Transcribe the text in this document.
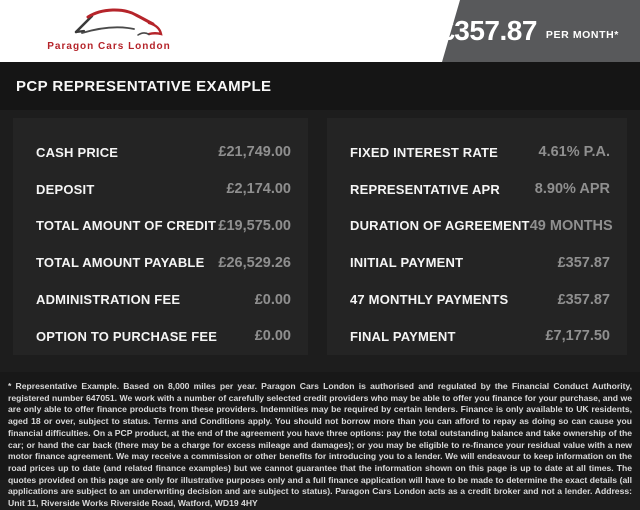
Paragon Cars London
£357.87 PER MONTH*
PCP REPRESENTATIVE EXAMPLE
CASH PRICE	£21,749.00
DEPOSIT	£2,174.00
TOTAL AMOUNT OF CREDIT £19,575.00
TOTAL AMOUNT PAYABLE £26,529.26
ADMINISTRATION FEE	£0.00
OPTION TO PURCHASE FEE	£0.00
FIXED INTEREST RATE	4.61% P.A.
REPRESENTATIVE APR 8.90% APR
DURATION OF AGREEMENT 49 MONTHS
INITIAL PAYMENT	£357.87
47 MONTHLY PAYMENTS	£357.87
FINAL PAYMENT	£7,177.50

* Representative Example. Based on 8,000 miles per year. Paragon Cars London is authorised and regulated by the Financial Conduct Authority, registered number 647051. We work with a number of carefully selected credit providers who may be able to offer you finance for your purchase, and we are only able to offer finance products from these providers. Indemnities may be required by certain lenders. Finance is only available to UK residents, aged 18 or over, subject to status. Terms and Conditions apply. You should not borrow more than you can afford to repay as doing so can cause you financial difficulties. On a PCP product, at the end of the agreement you have three options: pay the total outstanding balance and take ownership of the car; or hand the car back (there may be a charge for excess mileage and damages); or you may be eligible to re-finance your residual value with a new motor finance agreement. We may receive a commission or other benefits for introducing you to a lender. We will endeavour to keep information on the road prices up to date (and related finance examples) but we cannot guarantee that the information shown on this page is up to date at all times. The quotes provided on this page are only for illustrative purposes only and a full finance application will have to be made to determine the exact details (all applications are subject to an underwriting decision and are subject to status). Paragon Cars London acts as a credit broker and not a lender. Address: Unit 11, Riverside Works Riverside Road, Watford, WD19 4HY
